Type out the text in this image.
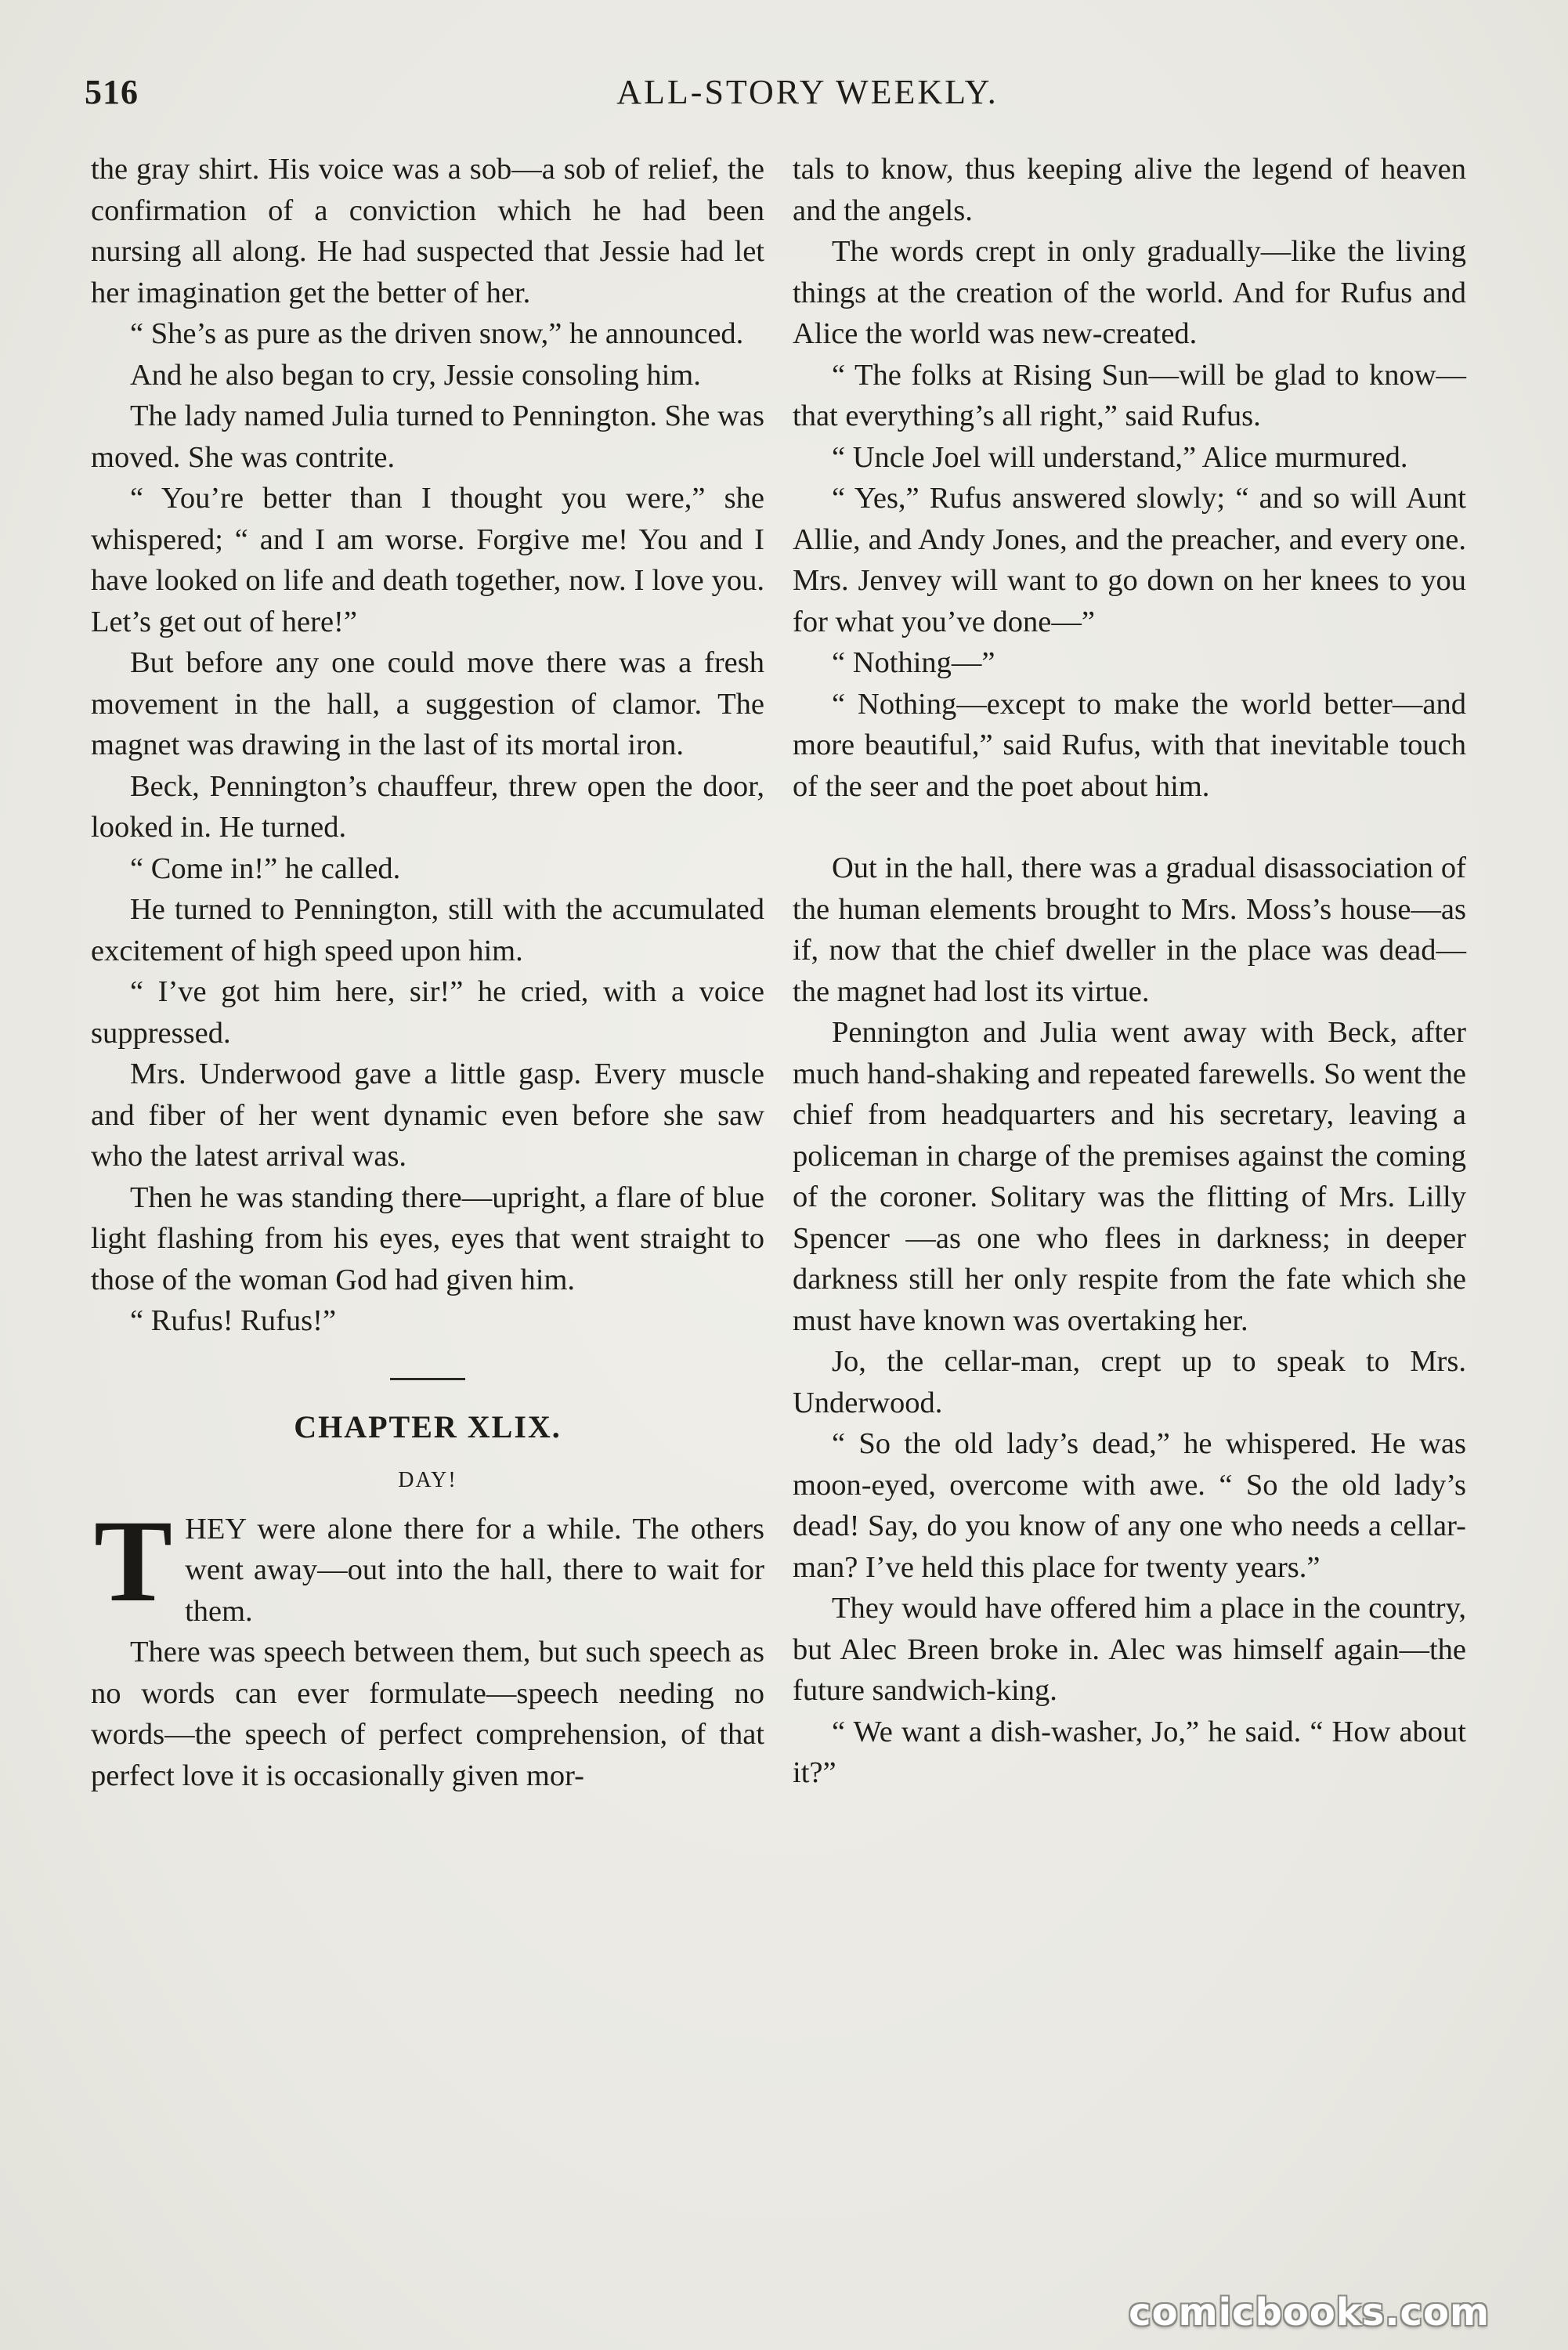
516	ALL-STORY WEEKLY.

the gray shirt. His voice was a sob—a sob of relief, the confirmation of a conviction which he had been nursing all along. He had suspected that Jessie had let her imagination get the better of her.

“ She’s as pure as the driven snow,” he announced.

And he also began to cry, Jessie consoling him.

The lady named Julia turned to Pennington. She was moved. She was contrite.

“ You’re better than I thought you were,” she whispered; “ and I am worse. Forgive me! You and I have looked on life and death together, now. I love you. Let’s get out of here!”

But before any one could move there was a fresh movement in the hall, a suggestion of clamor. The magnet was drawing in the last of its mortal iron.

Beck, Pennington’s chauffeur, threw open the door, looked in. He turned.

“ Come in!” he called.

He turned to Pennington, still with the accumulated excitement of high speed upon him.

“ I’ve got him here, sir!” he cried, with a voice suppressed.

Mrs. Underwood gave a little gasp. Every muscle and fiber of her went dynamic even before she saw who the latest arrival was.

Then he was standing there—upright, a flare of blue light flashing from his eyes, eyes that went straight to those of the woman God had given him.

“ Rufus! Rufus!”

CHAPTER XLIX.
DAY!
T HEY were alone there for a while. The others went away—out into the hall, there to wait for them.

There was speech between them, but such speech as no words can ever formulate—speech needing no words—the speech of perfect comprehension, of that perfect love it is occasionally given mor-

tals to know, thus keeping alive the legend of heaven and the angels.

The words crept in only gradually—like the living things at the creation of the world. And for Rufus and Alice the world was new-created.

“ The folks at Rising Sun—will be glad to know—that everything’s all right,” said Rufus.

“ Uncle Joel will understand,” Alice murmured.

“ Yes,” Rufus answered slowly; “ and so will Aunt Allie, and Andy Jones, and the preacher, and every one. Mrs. Jenvey will want to go down on her knees to you for what you’ve done—”

“ Nothing—”

“ Nothing—except to make the world better—and more beautiful,” said Rufus, with that inevitable touch of the seer and the poet about him.

Out in the hall, there was a gradual disassociation of the human elements brought to Mrs. Moss’s house—as if, now that the chief dweller in the place was dead—the magnet had lost its virtue.

Pennington and Julia went away with Beck, after much hand-shaking and repeated farewells. So went the chief from headquarters and his secretary, leaving a policeman in charge of the premises against the coming of the coroner. Solitary was the flitting of Mrs. Lilly Spencer —as one who flees in darkness; in deeper darkness still her only respite from the fate which she must have known was overtaking her.

Jo, the cellar-man, crept up to speak to Mrs. Underwood.

“ So the old lady’s dead,” he whispered. He was moon-eyed, overcome with awe. “ So the old lady’s dead! Say, do you know of any one who needs a cellar-man? I’ve held this place for twenty years.”

They would have offered him a place in the country, but Alec Breen broke in. Alec was himself again—the future sandwich-king.

“ We want a dish-washer, Jo,” he said. “ How about it?”

comicbooks.com
